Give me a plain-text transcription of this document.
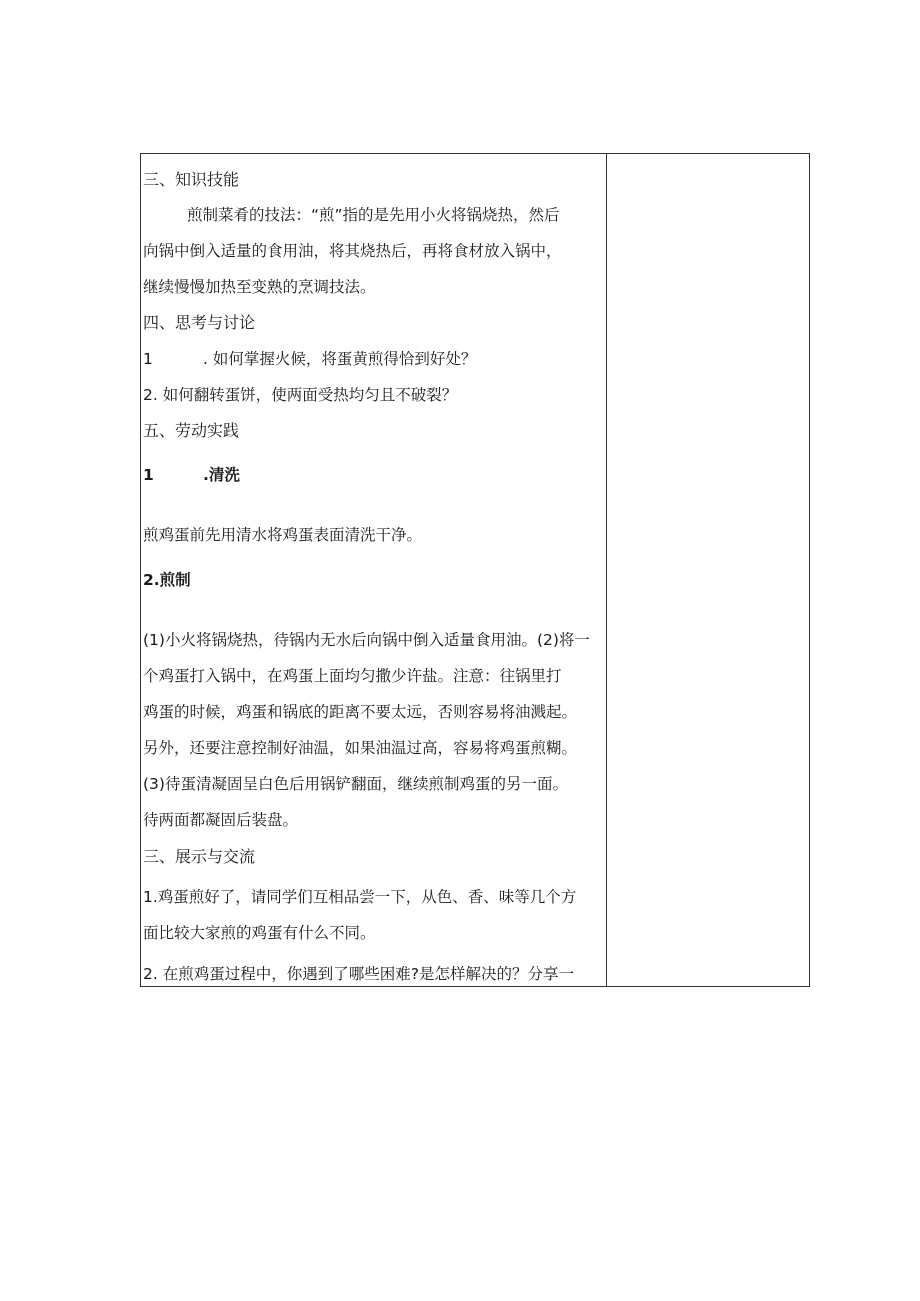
三、知识技能
煎制菜肴的技法：“煎”指的是先用小火将锅烧热，然后
向锅中倒入适量的食用油，将其烧热后，再将食材放入锅中，
继续慢慢加热至变熟的烹调技法。
四、思考与讨论
1	. 如何掌握火候，将蛋黄煎得恰到好处？
2. 如何翻转蛋饼，使两面受热均匀且不破裂？
五、劳动实践
1	.清洗
煎鸡蛋前先用清水将鸡蛋表面清洗干净。
2.煎制
(1)小火将锅烧热，待锅内无水后向锅中倒入适量食用油。(2)将一
个鸡蛋打入锅中，在鸡蛋上面均匀撒少许盐。注意：往锅里打
鸡蛋的时候，鸡蛋和锅底的距离不要太远，否则容易将油溅起。
另外，还要注意控制好油温，如果油温过高，容易将鸡蛋煎糊。
(3)待蛋清凝固呈白色后用锅铲翻面，继续煎制鸡蛋的另一面。
待两面都凝固后装盘。
三、展示与交流
1.鸡蛋煎好了，请同学们互相品尝一下，从色、香、味等几个方
面比较大家煎的鸡蛋有什么不同。
2. 在煎鸡蛋过程中，你遇到了哪些困难?是怎样解决的？分享一
